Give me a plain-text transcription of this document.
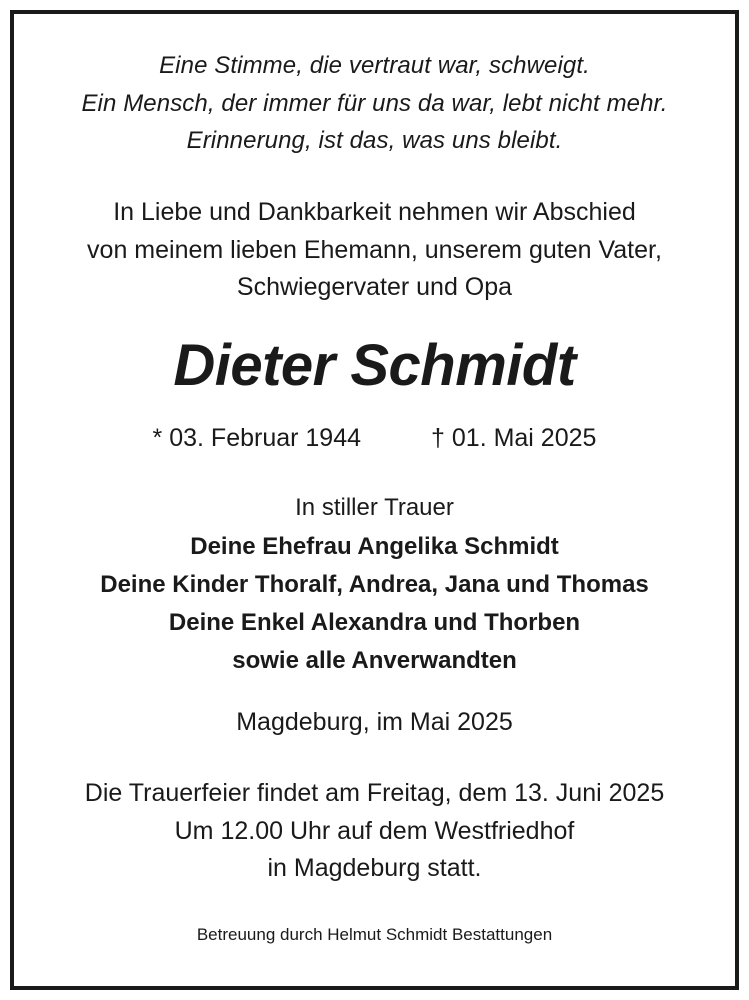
Eine Stimme, die vertraut war, schweigt.
Ein Mensch, der immer für uns da war, lebt nicht mehr.
Erinnerung, ist das, was uns bleibt.
In Liebe und Dankbarkeit nehmen wir Abschied
von meinem lieben Ehemann, unserem guten Vater,
Schwiegervater und Opa
Dieter Schmidt
* 03. Februar 1944	† 01. Mai 2025
In stiller Trauer
Deine Ehefrau Angelika Schmidt
Deine Kinder Thoralf, Andrea, Jana und Thomas
Deine Enkel Alexandra und Thorben
sowie alle Anverwandten
Magdeburg, im Mai 2025
Die Trauerfeier findet am Freitag, dem 13. Juni 2025
Um 12.00 Uhr auf dem Westfriedhof
in Magdeburg statt.
Betreuung durch Helmut Schmidt Bestattungen
